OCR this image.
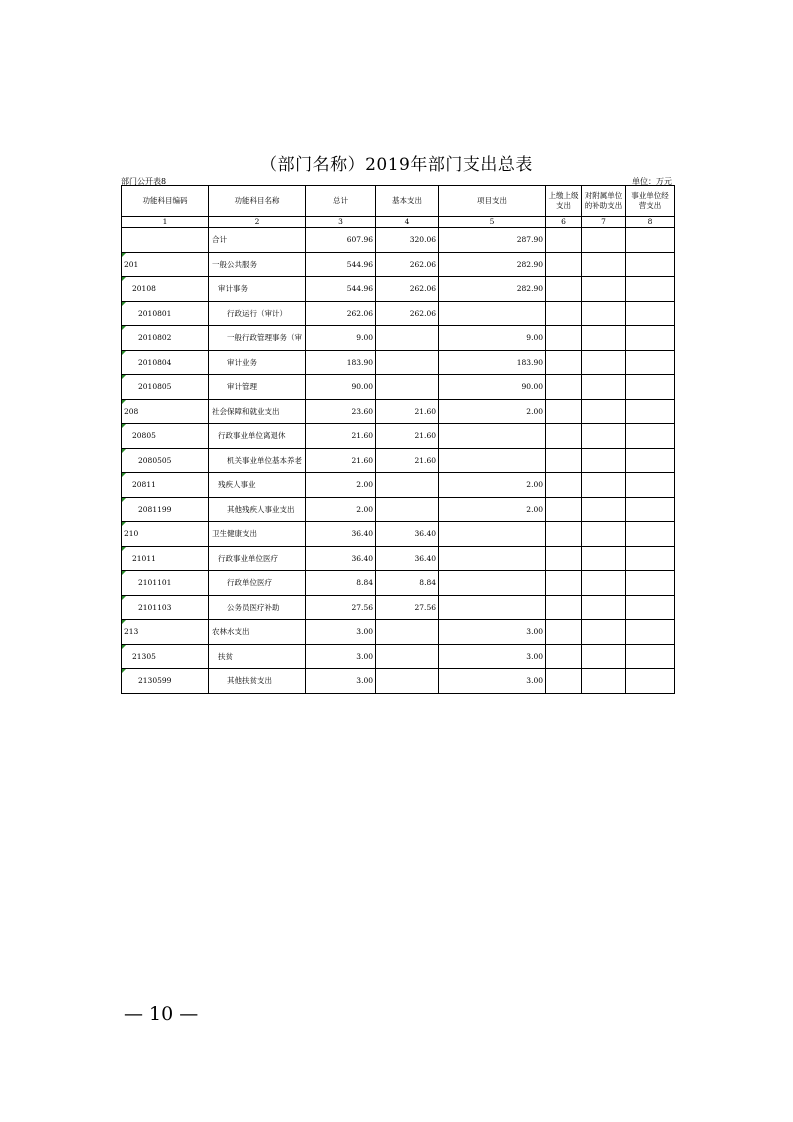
（部门名称）2019年部门支出总表
部门公开表8	单位：万元
功能科目编码	功能科目名称	总计	基本支出	项目支出	上缴上级支出	对附属单位的补助支出	事业单位经营支出
1	2	3	4	5	6	7	8
	合计	607.96	320.06	287.90			
201	一般公共服务	544.96	262.06	282.90			
20108	审计事务	544.96	262.06	282.90			
2010801	行政运行（审计）	262.06	262.06				
2010802	一般行政管理事务（审	9.00		9.00			
2010804	审计业务	183.90		183.90			
2010805	审计管理	90.00		90.00			
208	社会保障和就业支出	23.60	21.60	2.00			
20805	行政事业单位离退休	21.60	21.60				
2080505	机关事业单位基本养老	21.60	21.60				
20811	残疾人事业	2.00		2.00			
2081199	其他残疾人事业支出	2.00		2.00			
210	卫生健康支出	36.40	36.40				
21011	行政事业单位医疗	36.40	36.40				
2101101	行政单位医疗	8.84	8.84				
2101103	公务员医疗补助	27.56	27.56				
213	农林水支出	3.00		3.00			
21305	扶贫	3.00		3.00			
2130599	其他扶贫支出	3.00		3.00			
— 10 —
